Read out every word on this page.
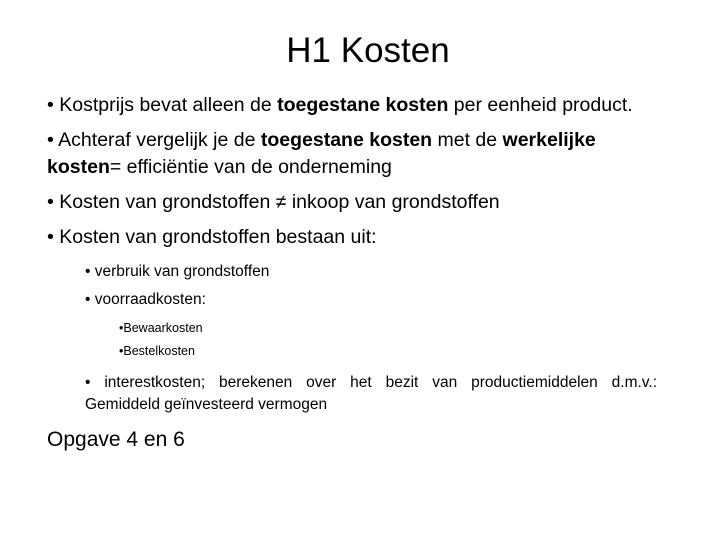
H1 Kosten
• Kostprijs bevat alleen de toegestane kosten per eenheid product.
• Achteraf vergelijk je de toegestane kosten met de werkelijke kosten= efficiëntie van de onderneming
• Kosten van grondstoffen ≠ inkoop van grondstoffen
• Kosten van grondstoffen bestaan uit:
• verbruik van grondstoffen
• voorraadkosten:
•Bewaarkosten
•Bestelkosten
• interestkosten; berekenen over het bezit van productiemiddelen d.m.v.: Gemiddeld geïnvesteerd vermogen
Opgave 4 en 6
